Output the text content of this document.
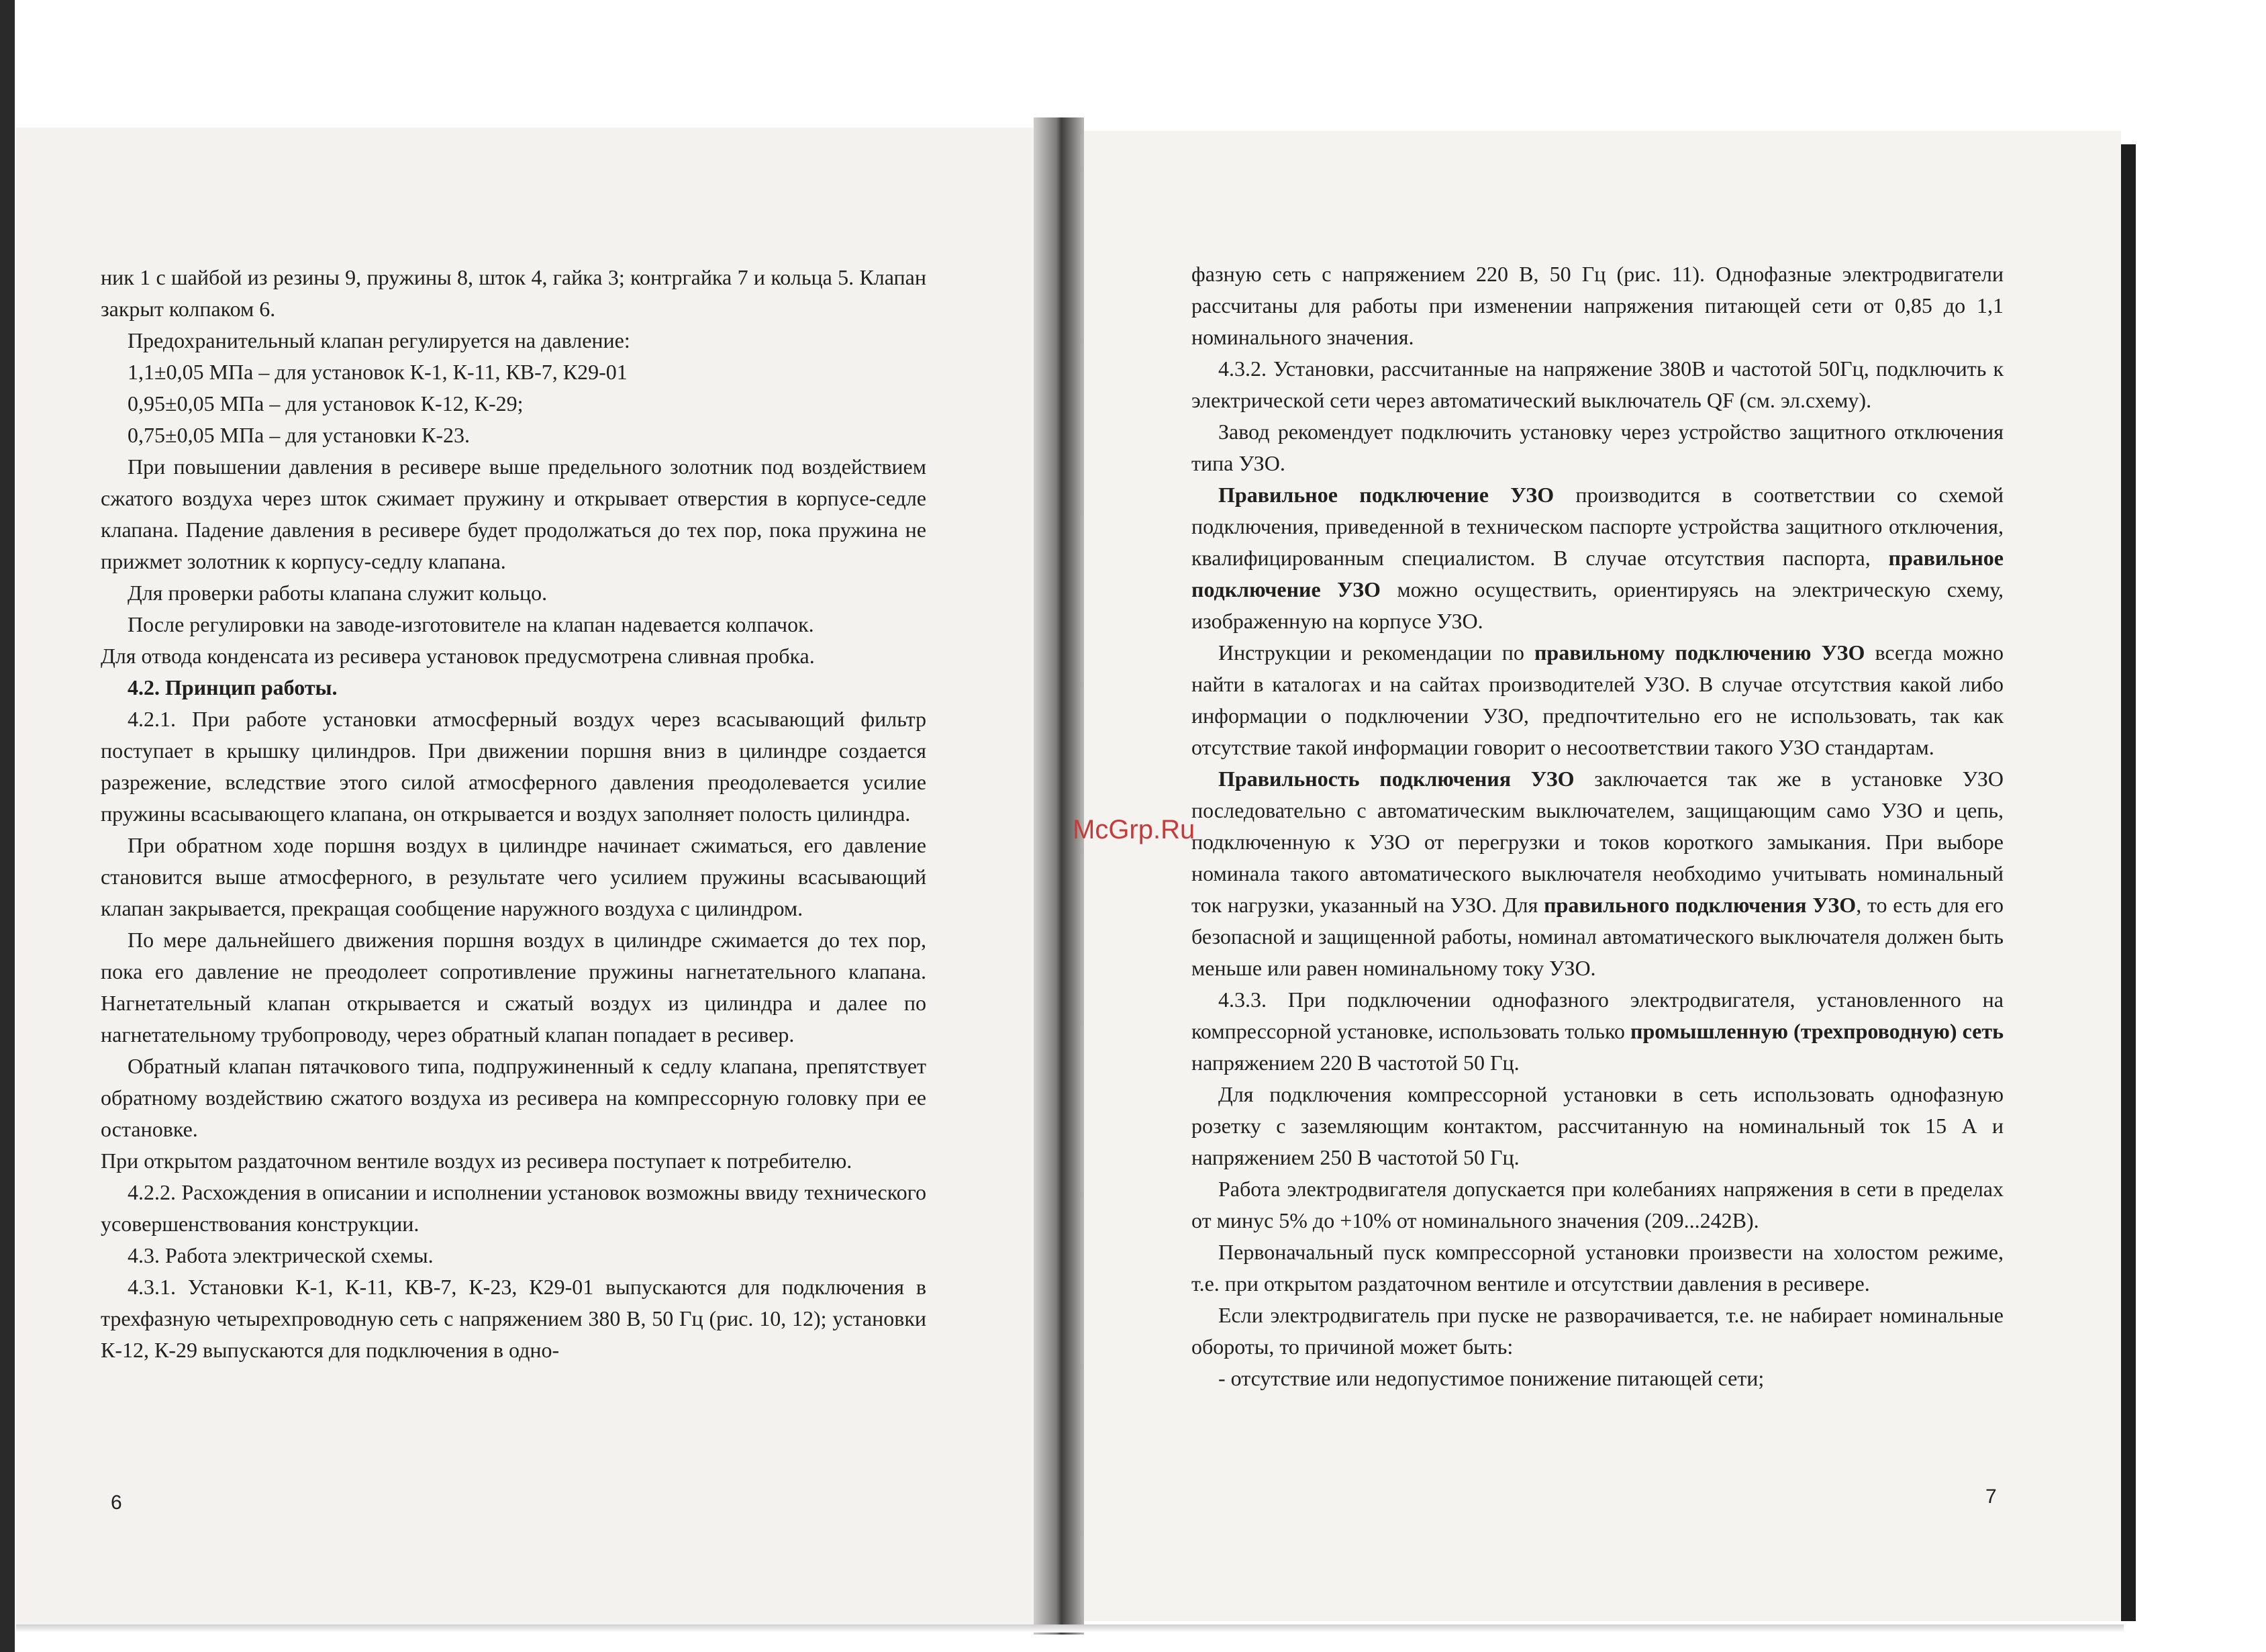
ник 1 с шайбой из резины 9, пружины 8, шток 4, гайка 3; контргайка 7 и кольца 5. Клапан закрыт колпаком 6.

Предохранительный клапан регулируется на давление:

1,1±0,05 МПа – для установок К-1, К-11, КВ-7, К29-01

0,95±0,05 МПа – для установок К-12, К-29;

0,75±0,05 МПа – для установки К-23.

При повышении давления в ресивере выше предельного золотник под воздействием сжатого воздуха через шток сжимает пружину и открывает отверстия в корпусе-седле клапана. Падение давления в ресивере будет продолжаться до тех пор, пока пружина не прижмет золотник к корпусу-седлу клапана.

Для проверки работы клапана служит кольцо.

После регулировки на заводе-изготовителе на клапан надевается колпачок.

Для отвода конденсата из ресивера установок предусмотрена сливная пробка.

4.2. Принцип работы.

4.2.1. При работе установки атмосферный воздух через всасывающий фильтр поступает в крышку цилиндров. При движении поршня вниз в цилиндре создается разрежение, вследствие этого силой атмосферного давления преодолевается усилие пружины всасывающего клапана, он открывается и воздух заполняет полость цилиндра.

При обратном ходе поршня воздух в цилиндре начинает сжиматься, его давление становится выше атмосферного, в результате чего усилием пружины всасывающий клапан закрывается, прекращая сообщение наружного воздуха с цилиндром.

По мере дальнейшего движения поршня воздух в цилиндре сжимается до тех пор, пока его давление не преодолеет сопротивление пружины нагнетательного клапана. Нагнетательный клапан открывается и сжатый воздух из цилиндра и далее по нагнетательному трубопроводу, через обратный клапан попадает в ресивер.

Обратный клапан пятачкового типа, подпружиненный к седлу клапана, препятствует обратному воздействию сжатого воздуха из ресивера на компрессорную головку при ее остановке.

При открытом раздаточном вентиле воздух из ресивера поступает к потребителю.

4.2.2. Расхождения в описании и исполнении установок возможны ввиду технического усовершенствования конструкции.

4.3. Работа электрической схемы.

4.3.1. Установки К-1, К-11, КВ-7, К-23, К29-01 выпускаются для подключения в трехфазную четырехпроводную сеть с напряжением 380 В, 50 Гц (рис. 10, 12); установки К-12, К-29 выпускаются для подключения в одно-

6

фазную сеть с напряжением 220 В, 50 Гц (рис. 11). Однофазные электродвигатели рассчитаны для работы при изменении напряжения питающей сети от 0,85 до 1,1 номинального значения.

4.3.2. Установки, рассчитанные на напряжение 380В и частотой 50Гц, подключить к электрической сети через автоматический выключатель QF (см. эл.схему).

Завод рекомендует подключить установку через устройство защитного отключения типа УЗО.

Правильное подключение УЗО производится в соответствии со схемой подключения, приведенной в техническом паспорте устройства защитного отключения, квалифицированным специалистом. В случае отсутствия паспорта, правильное подключение УЗО можно осуществить, ориентируясь на электрическую схему, изображенную на корпусе УЗО.

Инструкции и рекомендации по правильному подключению УЗО всегда можно найти в каталогах и на сайтах производителей УЗО. В случае отсутствия какой либо информации о подключении УЗО, предпочтительно его не использовать, так как отсутствие такой информации говорит о несоответствии такого УЗО стандартам.

Правильность подключения УЗО заключается так же в установке УЗО последовательно с автоматическим выключателем, защищающим само УЗО и цепь, подключенную к УЗО от перегрузки и токов короткого замыкания. При выборе номинала такого автоматического выключателя необходимо учитывать номинальный ток нагрузки, указанный на УЗО. Для правильного подключения УЗО, то есть для его безопасной и защищенной работы, номинал автоматического выключателя должен быть меньше или равен номинальному току УЗО.

4.3.3. При подключении однофазного электродвигателя, установленного на компрессорной установке, использовать только промышленную (трехпроводную) сеть напряжением 220 В частотой 50 Гц.

Для подключения компрессорной установки в сеть использовать однофазную розетку с заземляющим контактом, рассчитанную на номинальный ток 15 А и напряжением 250 В частотой 50 Гц.

Работа электродвигателя допускается при колебаниях напряжения в сети в пределах от минус 5% до +10% от номинального значения (209...242В).

Первоначальный пуск компрессорной установки произвести на холостом режиме, т.е. при открытом раздаточном вентиле и отсутствии давления в ресивере.

Если электродвигатель при пуске не разворачивается, т.е. не набирает номинальные обороты, то причиной может быть:

- отсутствие или недопустимое понижение питающей сети;

7
McGrp.Ru
